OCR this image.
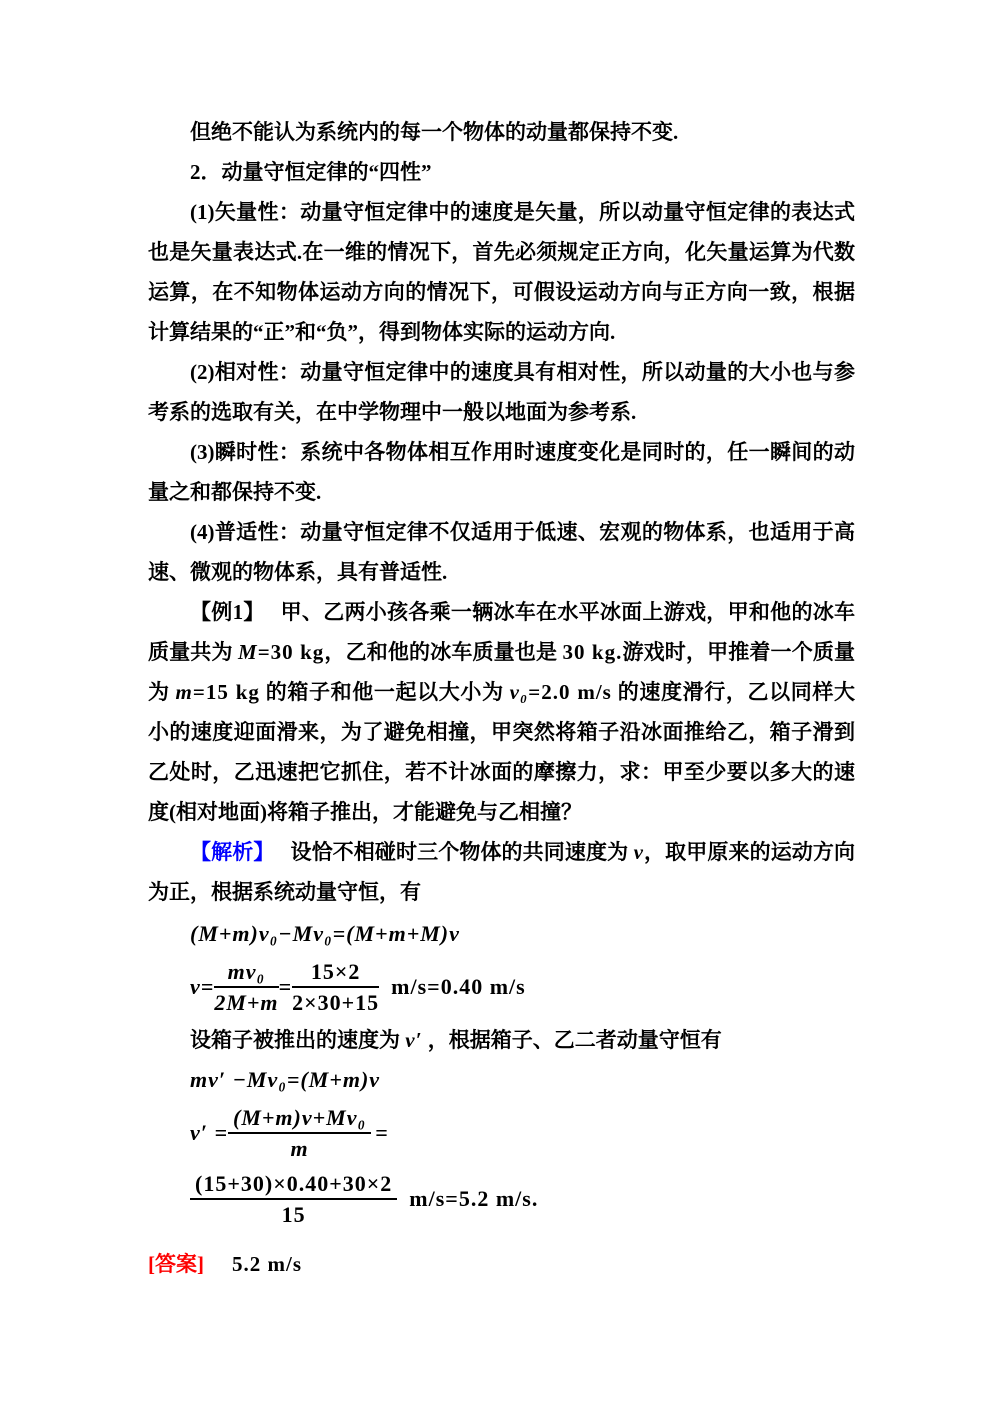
但绝不能认为系统内的每一个物体的动量都保持不变.

2．动量守恒定律的“四性”

(1)矢量性：动量守恒定律中的速度是矢量，所以动量守恒定律的表达式也是矢量表达式.在一维的情况下，首先必须规定正方向，化矢量运算为代数运算，在不知物体运动方向的情况下，可假设运动方向与正方向一致，根据计算结果的“正”和“负”，得到物体实际的运动方向.

(2)相对性：动量守恒定律中的速度具有相对性，所以动量的大小也与参考系的选取有关，在中学物理中一般以地面为参考系.

(3)瞬时性：系统中各物体相互作用时速度变化是同时的，任一瞬间的动量之和都保持不变.

(4)普适性：动量守恒定律不仅适用于低速、宏观的物体系，也适用于高速、微观的物体系，具有普适性.

【例1】 甲、乙两小孩各乘一辆冰车在水平冰面上游戏，甲和他的冰车质量共为 M=30 kg，乙和他的冰车质量也是 30 kg.游戏时，甲推着一个质量为 m=15 kg 的箱子和他一起以大小为 v₀=2.0 m/s 的速度滑行，乙以同样大小的速度迎面滑来，为了避免相撞，甲突然将箱子沿冰面推给乙，箱子滑到乙处时，乙迅速把它抓住，若不计冰面的摩擦力，求：甲至少要以多大的速度(相对地面)将箱子推出，才能避免与乙相撞？

【解析】 设恰不相碰时三个物体的共同速度为 v，取甲原来的运动方向为正，根据系统动量守恒，有

(M+m)v₀−Mv₀=(M+m+M)v
$v= \frac{\text{mv₀}}{2M+m} = \frac{15\times 2}{2\times 30+15} m/s=0.40$ m/s

设箱子被推出的速度为 v′ ，根据箱子、乙二者动量守恒有

mv′ −Mv₀=(M+m)v
$v' = \frac{\text{(M+m)v+Mv₀}}{m}$ =
$\frac{(15+30)\times 0.40+30\times 2}{15} m/s=5.2$ m/s.

[答案] 5.2 m/s
